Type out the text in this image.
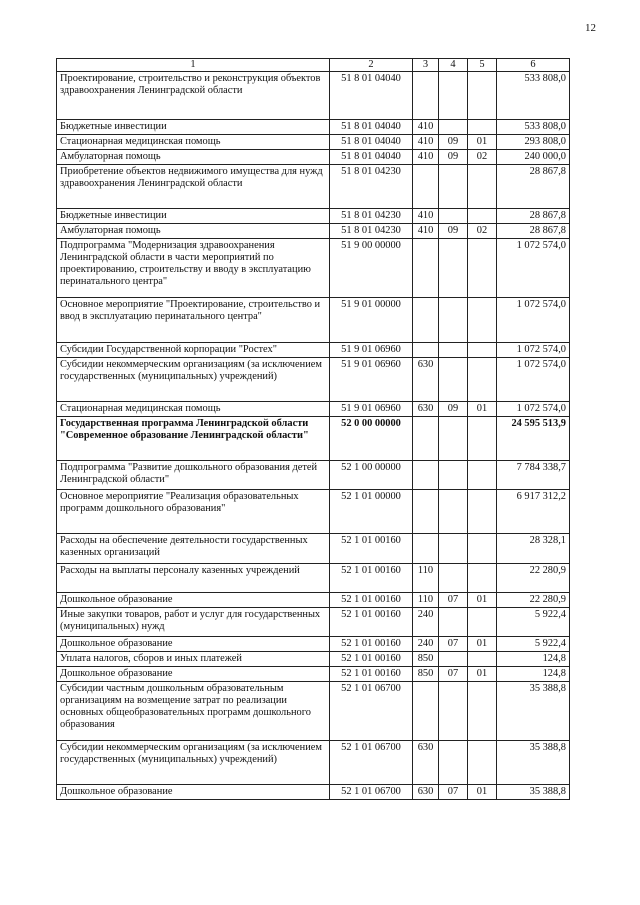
12
1	2	3	4	5	6
Проектирование, строительство и реконструкция объектов здравоохранения Ленинградской области	51 8 01 04040				533 808,0
Бюджетные инвестиции	51 8 01 04040	410			533 808,0
Стационарная медицинская помощь	51 8 01 04040	410	09	01	293 808,0
Амбулаторная помощь	51 8 01 04040	410	09	02	240 000,0
Приобретение объектов недвижимого имущества для нужд здравоохранения Ленинградской области	51 8 01 04230				28 867,8
Бюджетные инвестиции	51 8 01 04230	410			28 867,8
Амбулаторная помощь	51 8 01 04230	410	09	02	28 867,8
Подпрограмма "Модернизация здравоохранения Ленинградской области в части мероприятий по проектированию, строительству и вводу в эксплуатацию перинатального центра"	51 9 00 00000				1 072 574,0
Основное мероприятие "Проектирование, строительство и ввод в эксплуатацию перинатального центра"	51 9 01 00000				1 072 574,0
Субсидии Государственной корпорации "Ростех"	51 9 01 06960				1 072 574,0
Субсидии некоммерческим организациям (за исключением государственных (муниципальных) учреждений)	51 9 01 06960	630			1 072 574,0
Стационарная медицинская помощь	51 9 01 06960	630	09	01	1 072 574,0
Государственная программа Ленинградской области "Современное образование Ленинградской области"	52 0 00 00000				24 595 513,9
Подпрограмма "Развитие дошкольного образования детей Ленинградской области"	52 1 00 00000				7 784 338,7
Основное мероприятие "Реализация образовательных программ дошкольного образования"	52 1 01 00000				6 917 312,2
Расходы на обеспечение деятельности государственных казенных организаций	52 1 01 00160				28 328,1
Расходы на выплаты персоналу казенных учреждений	52 1 01 00160	110			22 280,9
Дошкольное образование	52 1 01 00160	110	07	01	22 280,9
Иные закупки товаров, работ и услуг для государственных (муниципальных) нужд	52 1 01 00160	240			5 922,4
Дошкольное образование	52 1 01 00160	240	07	01	5 922,4
Уплата налогов, сборов и иных платежей	52 1 01 00160	850			124,8
Дошкольное образование	52 1 01 00160	850	07	01	124,8
Субсидии частным дошкольным образовательным организациям на возмещение затрат по реализации основных общеобразовательных программ дошкольного образования	52 1 01 06700				35 388,8
Субсидии некоммерческим организациям (за исключением государственных (муниципальных) учреждений)	52 1 01 06700	630			35 388,8
Дошкольное образование	52 1 01 06700	630	07	01	35 388,8
